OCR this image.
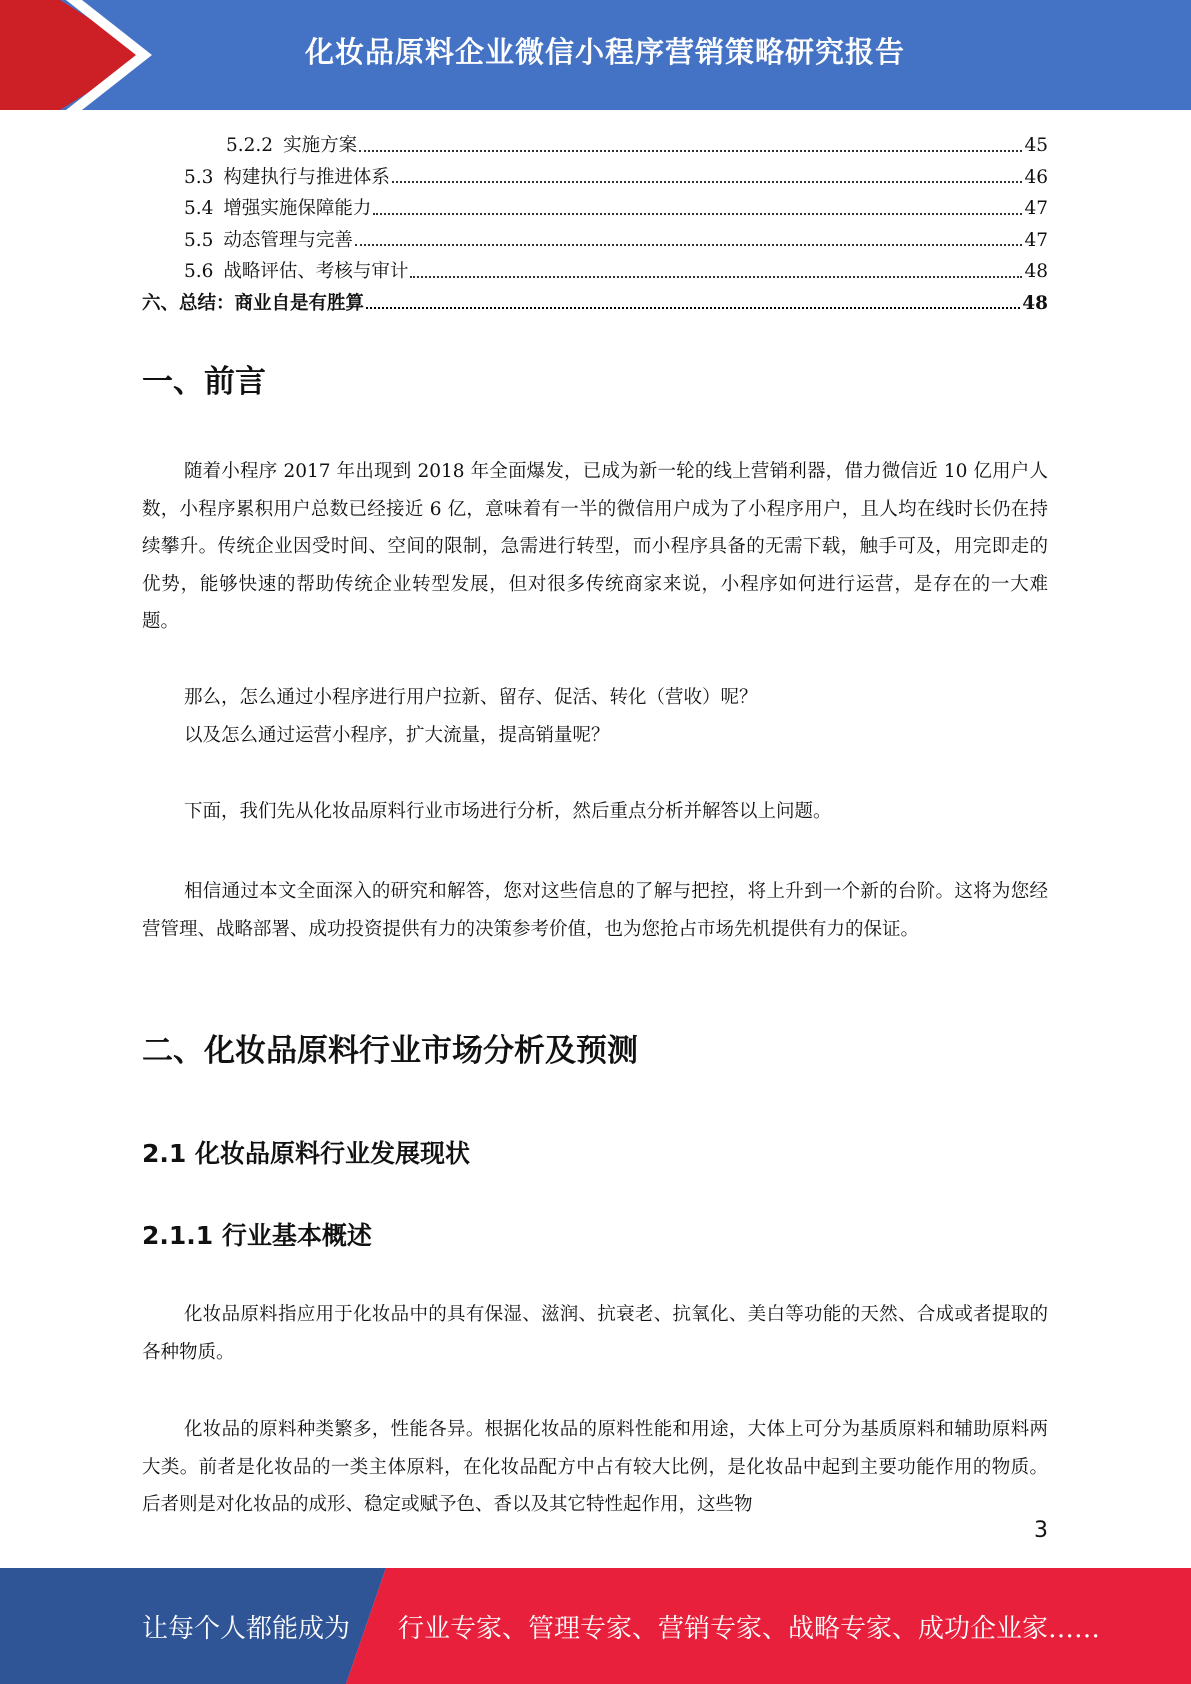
化妆品原料企业微信小程序营销策略研究报告
5.2.2 实施方案	45
5.3 构建执行与推进体系	46
5.4 增强实施保障能力	47
5.5 动态管理与完善	47
5.6 战略评估、考核与审计	48
六、 总结：商业自是有胜算	48
一、前言
随着小程序 2017 年出现到 2018 年全面爆发，已成为新一轮的线上营销利器，借力微信近 10 亿用户人数，小程序累积用户总数已经接近 6 亿，意味着有一半的微信用户成为了小程序用户，且人均在线时长仍在持续攀升。传统企业因受时间、空间的限制，急需进行转型，而小程序具备的无需下载，触手可及，用完即走的优势，能够快速的帮助传统企业转型发展，但对很多传统商家来说，小程序如何进行运营，是存在的一大难题。
那么，怎么通过小程序进行用户拉新、留存、促活、转化（营收）呢？
以及怎么通过运营小程序，扩大流量，提高销量呢？
下面，我们先从化妆品原料行业市场进行分析，然后重点分析并解答以上问题。
相信通过本文全面深入的研究和解答，您对这些信息的了解与把控，将上升到一个新的台阶。这将为您经营管理、战略部署、成功投资提供有力的决策参考价值，也为您抢占市场先机提供有力的保证。
二、化妆品原料行业市场分析及预测
2.1 化妆品原料行业发展现状
2.1.1 行业基本概述
化妆品原料指应用于化妆品中的具有保湿、滋润、抗衰老、抗氧化、美白等功能的天然、合成或者提取的各种物质。
化妆品的原料种类繁多，性能各异。根据化妆品的原料性能和用途，大体上可分为基质原料和辅助原料两大类。前者是化妆品的一类主体原料，在化妆品配方中占有较大比例，是化妆品中起到主要功能作用的物质。后者则是对化妆品的成形、稳定或赋予色、香以及其它特性起作用，这些物
3
让每个人都能成为 行业专家、管理专家、营销专家、战略专家、成功企业家……
